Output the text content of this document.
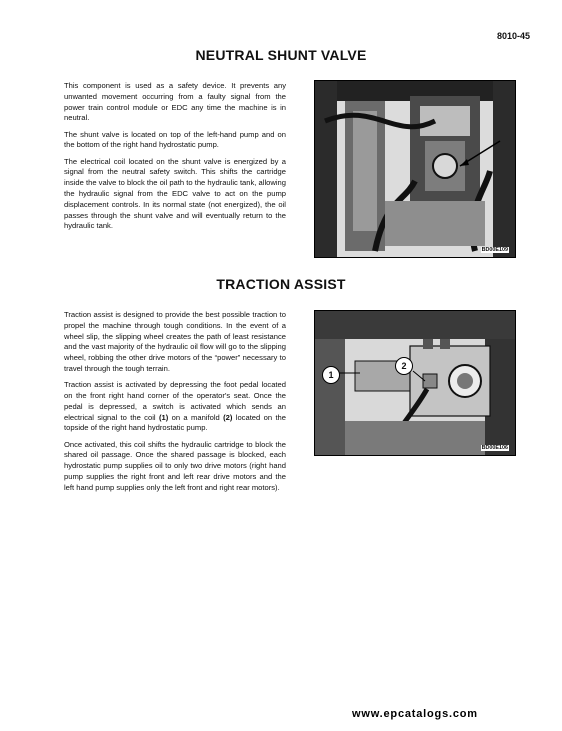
8010-45
NEUTRAL SHUNT VALVE

This component is used as a safety device. It prevents any unwanted movement occurring from a faulty signal from the power train control module or EDC any time the machine is in neutral.

The shunt valve is located on top of the left-hand pump and on the bottom of the right hand hydrostatic pump.

The electrical coil located on the shunt valve is energized by a signal from the neutral safety switch. This shifts the cartridge inside the valve to block the oil path to the hydraulic tank, allowing the hydraulic signal from the EDC valve to act on the pump displacement controls. In its normal state (not energized), the oil passes through the shunt valve and will eventually return to the hydraulic tank.

BD00E109
TRACTION ASSIST

Traction assist is designed to provide the best possible traction to propel the machine through tough conditions. In the event of a wheel slip, the slipping wheel creates the path of least resistance and the vast majority of the hydraulic oil flow will go to the slipping wheel, robbing the other drive motors of the “power” necessary to travel through the tough terrain.

Traction assist is activated by depressing the foot pedal located on the front right hand corner of the operator's seat. Once the pedal is depressed, a switch is activated which sends an electrical signal to the coil (1) on a manifold (2) located on the topside of the right hand hydrostatic pump.

Once activated, this coil shifts the hydraulic cartridge to block the shared oil passage. Once the shared passage is blocked, each hydrostatic pump supplies oil to only two drive motors (right hand pump supplies the right front and left rear drive motors and the left hand pump supplies only the left front and right rear motors).

1
2
BD00E106
www.epcatalogs.com
